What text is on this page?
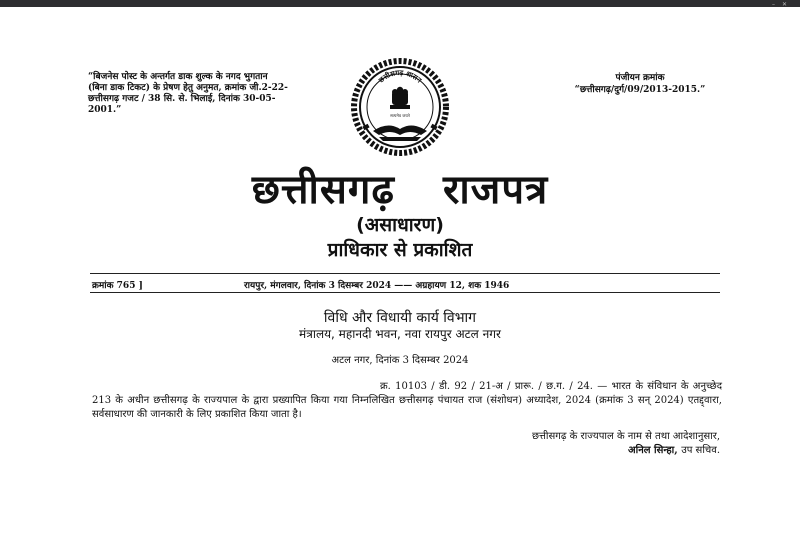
– ✕
“बिजनेस पोस्ट के अन्तर्गत डाक शुल्क के नगद भुगतान (बिना डाक टिकट) के प्रेषण हेतु अनुमत, क्रमांक जी.2-22-छत्तीसगढ़ गजट / 38 सि. से. भिलाई, दिनांक 30-05-2001.”
पंजीयन क्रमांक
“छत्तीसगढ़/दुर्ग/09/2013-2015.”
छत्तीसगढ़ शासन
सत्यमेव जयते
छत्तीसगढ़ राजपत्र
(असाधारण)
प्राधिकार से प्रकाशित
क्रमांक 765 ]	रायपुर, मंगलवार, दिनांक 3 दिसम्बर 2024 —— अग्रहायण 12, शक 1946
विधि और विधायी कार्य विभाग
मंत्रालय, महानदी भवन, नवा रायपुर अटल नगर
अटल नगर, दिनांक 3 दिसम्बर 2024
क्र. 10103 / डी. 92 / 21-अ / प्रारू. / छ.ग. / 24. — भारत के संविधान के अनुच्छेद 213 के अधीन छत्तीसगढ़ के राज्यपाल के द्वारा प्रख्यापित किया गया निम्नलिखित छत्तीसगढ़ पंचायत राज (संशोधन) अध्यादेश, 2024 (क्रमांक 3 सन् 2024) एतद्द्वारा, सर्वसाधारण की जानकारी के लिए प्रकाशित किया जाता है।
छत्तीसगढ़ के राज्यपाल के नाम से तथा आदेशानुसार,
अनिल सिन्हा, उप सचिव.
